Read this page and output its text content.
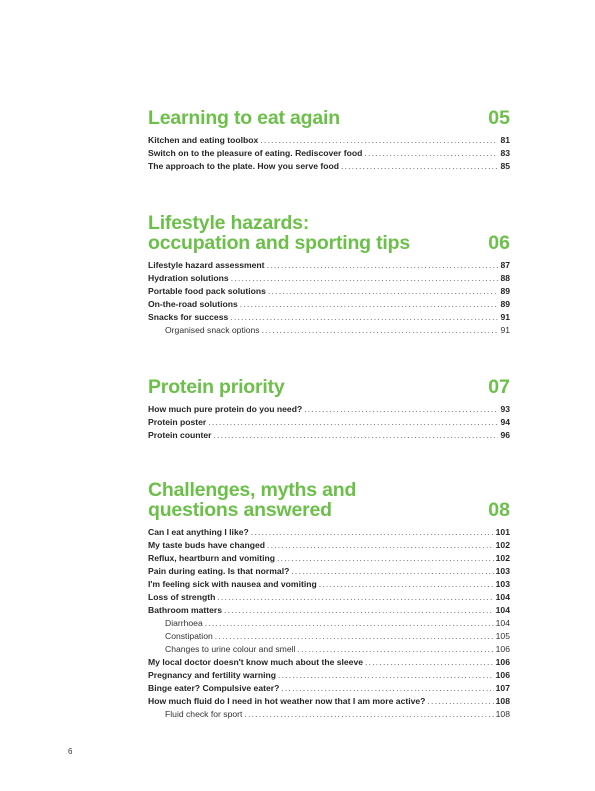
Learning to eat again	05
Kitchen and eating toolbox .....	81
Switch on to the pleasure of eating. Rediscover food .....	83
The approach to the plate. How you serve food .....	85
Lifestyle hazards:
occupation and sporting tips	06
Lifestyle hazard assessment .....	87
Hydration solutions .....	88
Portable food pack solutions .....	89
On-the-road solutions .....	89
Snacks for success .....	91
Organised snack options .....	91
Protein priority	07
How much pure protein do you need? .....	93
Protein poster .....	94
Protein counter .....	96
Challenges, myths and
questions answered	08
Can I eat anything I like? .....	101
My taste buds have changed .....	102
Reflux, heartburn and vomiting .....	102
Pain during eating. Is that normal? .....	103
I'm feeling sick with nausea and vomiting .....	103
Loss of strength .....	104
Bathroom matters .....	104
Diarrhoea .....	104
Constipation .....	105
Changes to urine colour and smell .....	106
My local doctor doesn't know much about the sleeve .....	106
Pregnancy and fertility warning .....	106
Binge eater? Compulsive eater? .....	107
How much fluid do I need in hot weather now that I am more active? .....	108
Fluid check for sport .....	108
6
